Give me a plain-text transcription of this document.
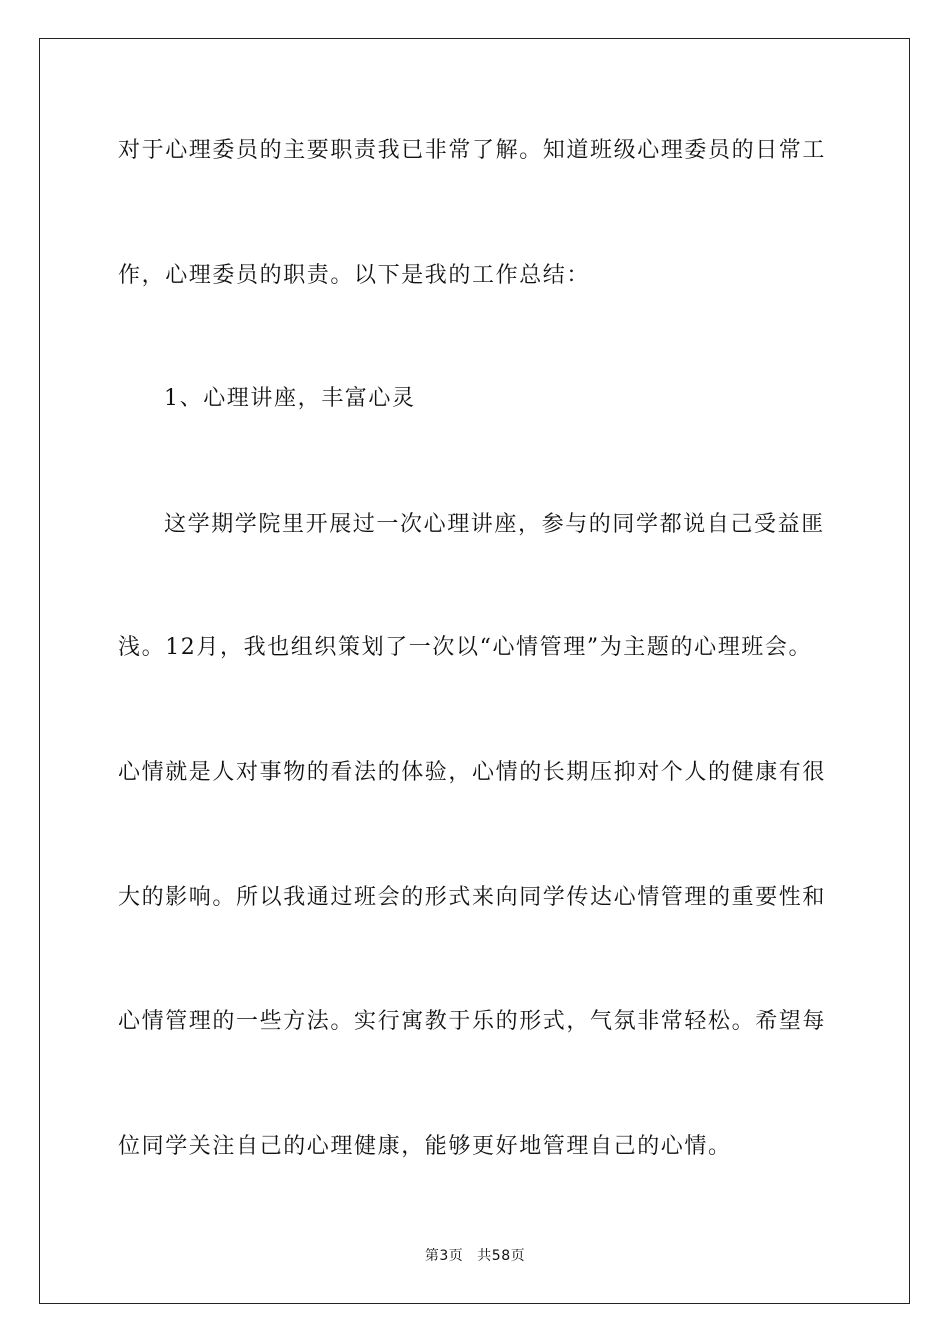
对于心理委员的主要职责我已非常了解。知道班级心理委员的日常工
作，心理委员的职责。以下是我的工作总结：
1、心理讲座，丰富心灵
这学期学院里开展过一次心理讲座，参与的同学都说自己受益匪
浅。12月，我也组织策划了一次以“心情管理”为主题的心理班会。
心情就是人对事物的看法的体验，心情的长期压抑对个人的健康有很
大的影响。所以我通过班会的形式来向同学传达心情管理的重要性和
心情管理的一些方法。实行寓教于乐的形式，气氛非常轻松。希望每
位同学关注自己的心理健康，能够更好地管理自己的心情。
第3页 共58页
